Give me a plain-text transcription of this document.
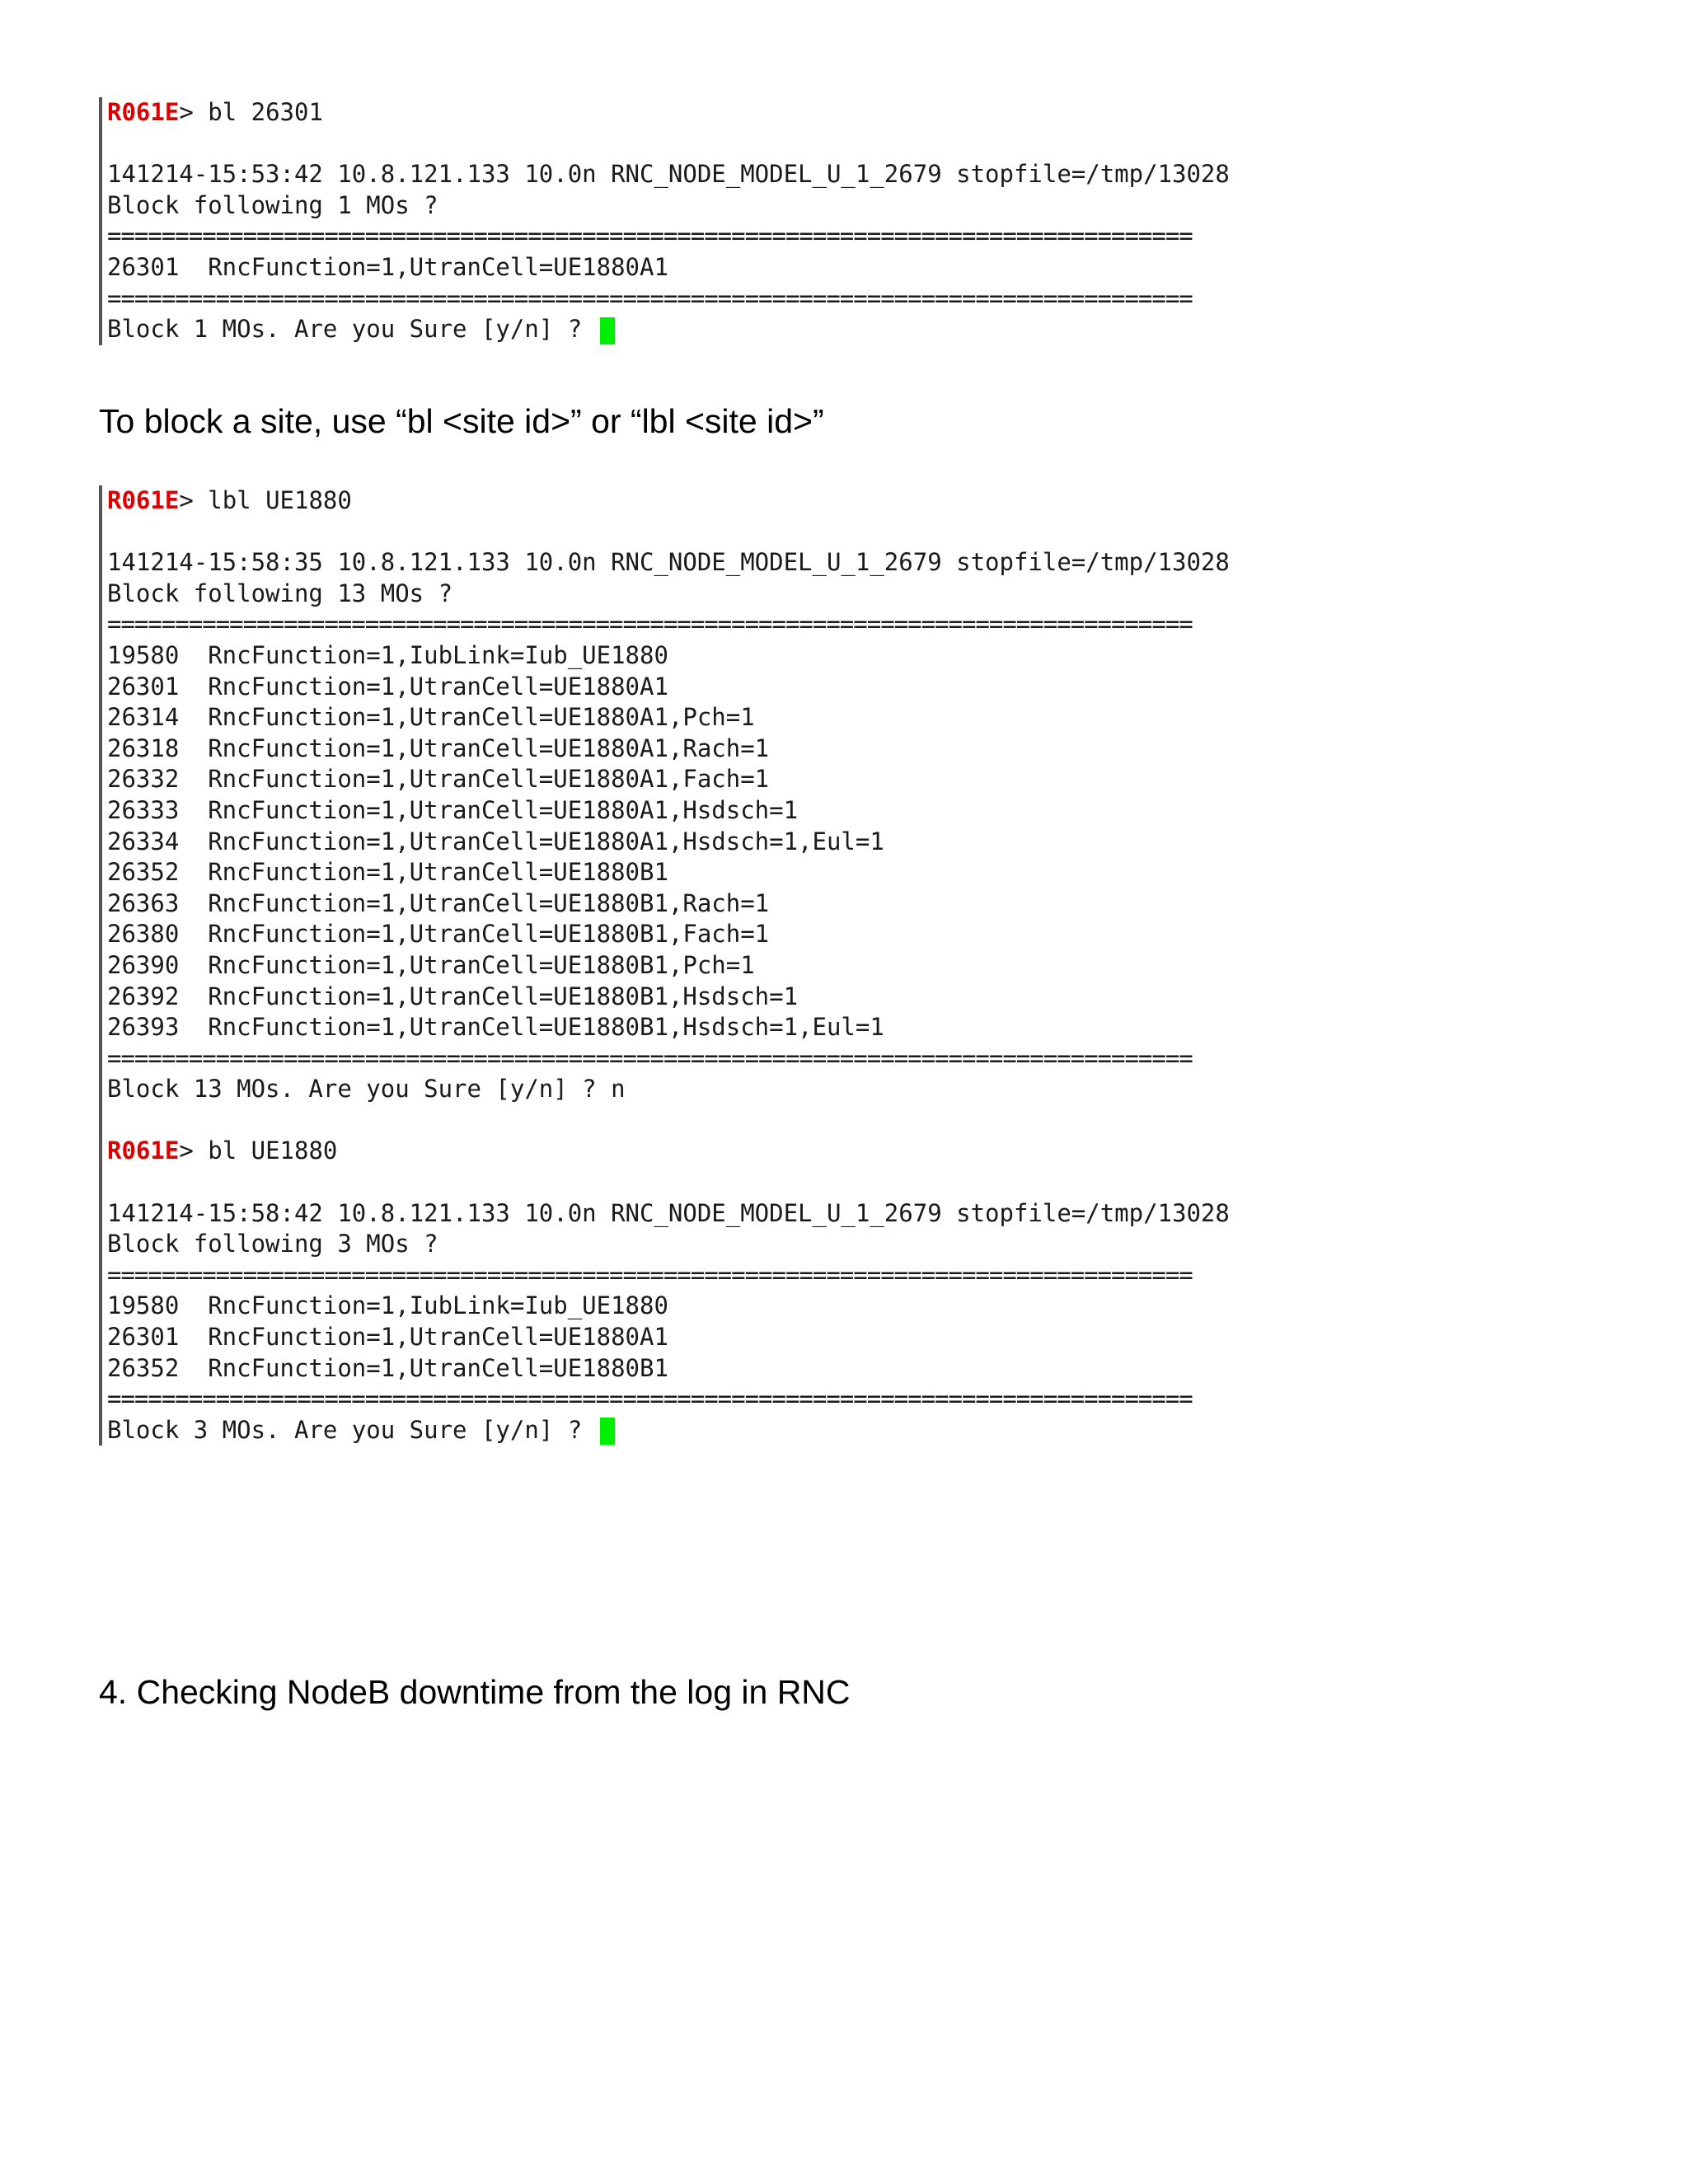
R061E> bl 26301
141214-15:53:42 10.8.121.133 10.0n RNC_NODE_MODEL_U_1_2679 stopfile=/tmp/13028
Block following 1 MOs ?
================================================================================
26301  RncFunction=1,UtranCell=UE1880A1
================================================================================
Block 1 MOs. Are you Sure [y/n] ?
To block a site, use “bl <site id>” or “lbl <site id>”
R061E> lbl UE1880
141214-15:58:35 10.8.121.133 10.0n RNC_NODE_MODEL_U_1_2679 stopfile=/tmp/13028
Block following 13 MOs ?
================================================================================
19580  RncFunction=1,IubLink=Iub_UE1880
26301  RncFunction=1,UtranCell=UE1880A1
26314  RncFunction=1,UtranCell=UE1880A1,Pch=1
26318  RncFunction=1,UtranCell=UE1880A1,Rach=1
26332  RncFunction=1,UtranCell=UE1880A1,Fach=1
26333  RncFunction=1,UtranCell=UE1880A1,Hsdsch=1
26334  RncFunction=1,UtranCell=UE1880A1,Hsdsch=1,Eul=1
26352  RncFunction=1,UtranCell=UE1880B1
26363  RncFunction=1,UtranCell=UE1880B1,Rach=1
26380  RncFunction=1,UtranCell=UE1880B1,Fach=1
26390  RncFunction=1,UtranCell=UE1880B1,Pch=1
26392  RncFunction=1,UtranCell=UE1880B1,Hsdsch=1
26393  RncFunction=1,UtranCell=UE1880B1,Hsdsch=1,Eul=1
================================================================================
Block 13 MOs. Are you Sure [y/n] ? n
R061E> bl UE1880
141214-15:58:42 10.8.121.133 10.0n RNC_NODE_MODEL_U_1_2679 stopfile=/tmp/13028
Block following 3 MOs ?
================================================================================
19580  RncFunction=1,IubLink=Iub_UE1880
26301  RncFunction=1,UtranCell=UE1880A1
26352  RncFunction=1,UtranCell=UE1880B1
================================================================================
Block 3 MOs. Are you Sure [y/n] ?
4. Checking NodeB downtime from the log in RNC
